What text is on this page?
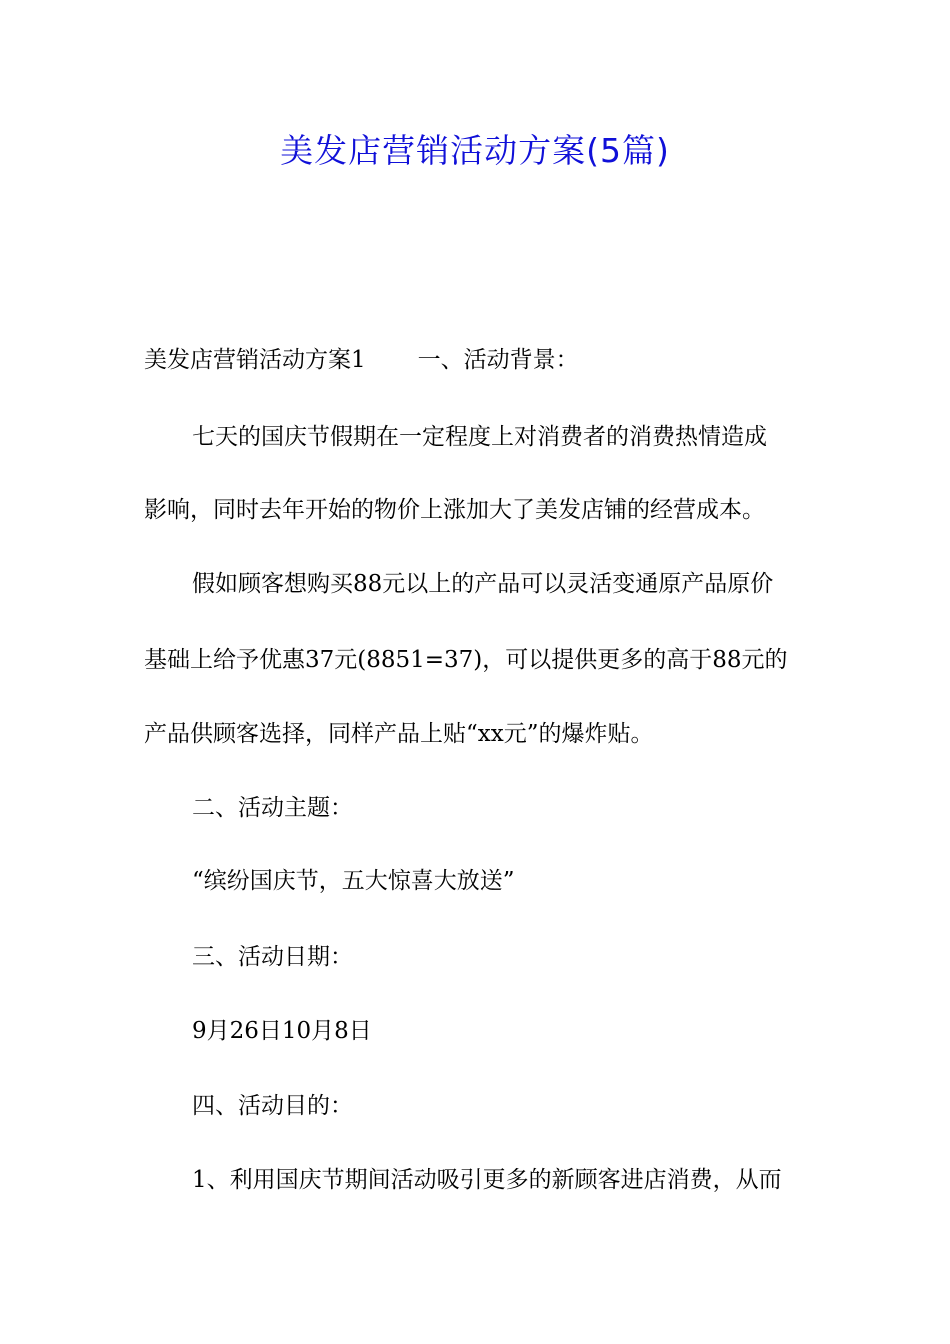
美发店营销活动方案(5篇)

美发店营销活动方案1 一、活动背景：

七天的国庆节假期在一定程度上对消费者的消费热情造成

影响，同时去年开始的物价上涨加大了美发店铺的经营成本。

假如顾客想购买88元以上的产品可以灵活变通原产品原价

基础上给予优惠37元(8851=37)，可以提供更多的高于88元的

产品供顾客选择，同样产品上贴“xx元”的爆炸贴。

二、活动主题：

“缤纷国庆节，五大惊喜大放送”

三、活动日期：

9月26日10月8日

四、活动目的：

1、利用国庆节期间活动吸引更多的新顾客进店消费，从而
